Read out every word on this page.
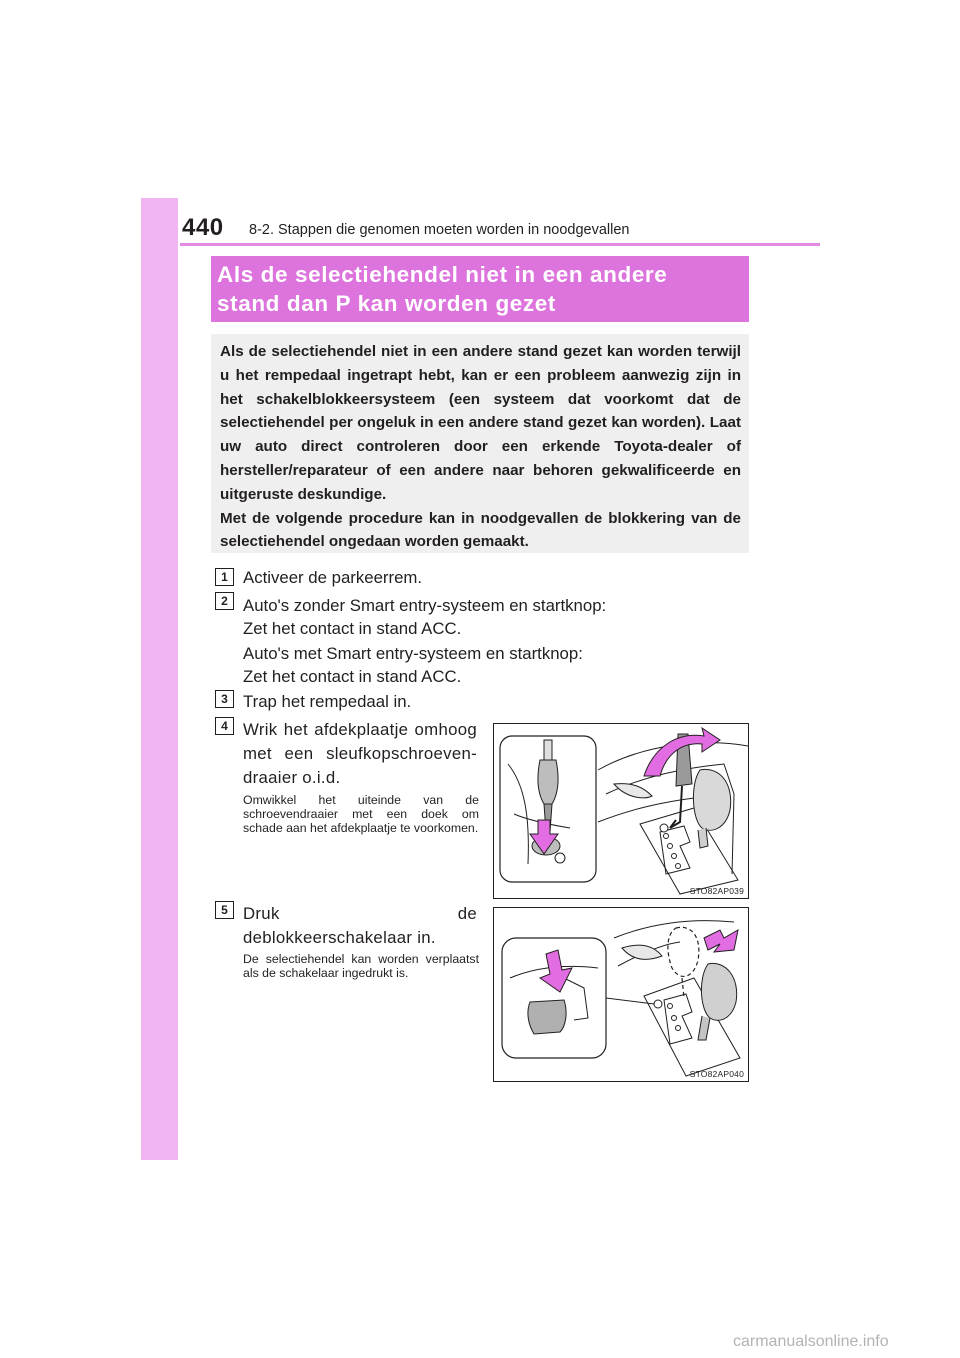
440 8-2. Stappen die genomen moeten worden in noodgevallen
Als de selectiehendel niet in een andere
stand dan P kan worden gezet

Als de selectiehendel niet in een andere stand gezet kan worden terwijl u het rempedaal ingetrapt hebt, kan er een probleem aanwezig zijn in het schakelblokkeersysteem (een systeem dat voorkomt dat de selectiehendel per ongeluk in een andere stand gezet kan worden). Laat uw auto direct controleren door een erkende Toyota-dealer of hersteller/reparateur of een andere naar behoren gekwalificeerde en uitgeruste deskundige.

Met de volgende procedure kan in noodgevallen de blokkering van de selectiehendel ongedaan worden gemaakt.

1 Activeer de parkeerrem.
2 Auto's zonder Smart entry-systeem en startknop:
Zet het contact in stand ACC.
Auto's met Smart entry-systeem en startknop:
Zet het contact in stand ACC.
3 Trap het rempedaal in.
4 Wrik het afdekplaatje omhoog met een sleufkopschroeven-draaier o.i.d.

Omwikkel het uiteinde van de schroevendraaier met een doek om schade aan het afdekplaatje te voorkomen.

STO82AP039
5 Druk de deblokkeerschakelaar in.

De selectiehendel kan worden verplaatst als de schakelaar ingedrukt is.

STO82AP040
carmanualsonline.info
